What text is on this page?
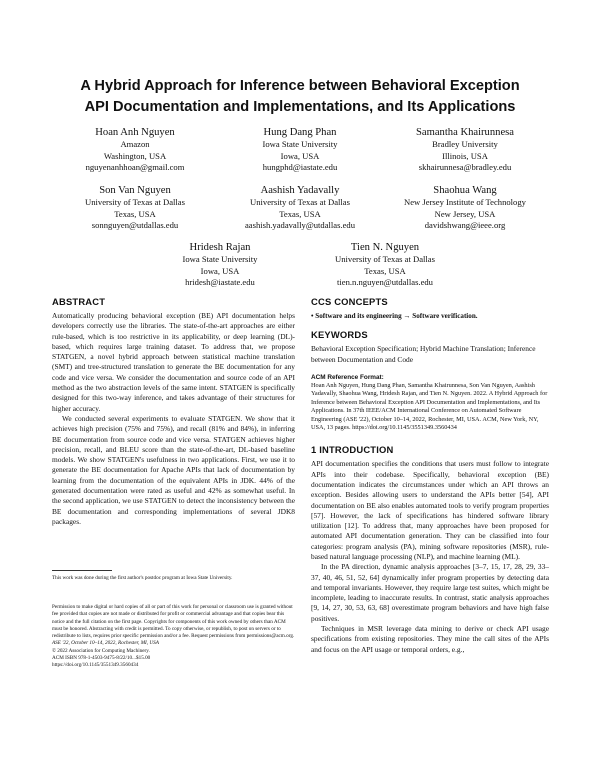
A Hybrid Approach for Inference between Behavioral Exception
API Documentation and Implementations, and Its Applications
Hoan Anh Nguyen
Amazon
Washington, USA
nguyenanhhoan@gmail.com
Hung Dang Phan
Iowa State University
Iowa, USA
hungphd@iastate.edu
Samantha Khairunnesa
Bradley University
Illinois, USA
skhairunnesa@bradley.edu
Son Van Nguyen
University of Texas at Dallas
Texas, USA
sonnguyen@utdallas.edu
Aashish Yadavally
University of Texas at Dallas
Texas, USA
aashish.yadavally@utdallas.edu
Shaohua Wang
New Jersey Institute of Technology
New Jersey, USA
davidshwang@ieee.org
Hridesh Rajan
Iowa State University
Iowa, USA
hridesh@iastate.edu
Tien N. Nguyen
University of Texas at Dallas
Texas, USA
tien.n.nguyen@utdallas.edu
ABSTRACT

Automatically producing behavioral exception (BE) API documentation helps developers correctly use the libraries. The state-of-the-art approaches are either rule-based, which is too restrictive in its applicability, or deep learning (DL)-based, which requires large training dataset. To address that, we propose STATGEN, a novel hybrid approach between statistical machine translation (SMT) and tree-structured translation to generate the BE documentation for any code and vice versa. We consider the documentation and source code of an API method as the two abstraction levels of the same intent. STATGEN is specifically designed for this two-way inference, and takes advantage of their structures for higher accuracy.

We conducted several experiments to evaluate STATGEN. We show that it achieves high precision (75% and 75%), and recall (81% and 84%), in inferring BE documentation from source code and vice versa. STATGEN achieves higher precision, recall, and BLEU score than the state-of-the-art, DL-based baseline models. We show STATGEN's usefulness in two applications. First, we use it to generate the BE documentation for Apache APIs that lack of documentation by learning from the documentation of the equivalent APIs in JDK. 44% of the generated documentation were rated as useful and 42% as somewhat useful. In the second application, we use STATGEN to detect the inconsistency between the BE documentation and corresponding implementations of several JDK8 packages.

This work was done during the first author's postdoc program at Iowa State University.
Permission to make digital or hard copies of all or part of this work for personal or classroom use is granted without fee provided that copies are not made or distributed for profit or commercial advantage and that copies bear this notice and the full citation on the first page. Copyrights for components of this work owned by others than ACM must be honored. Abstracting with credit is permitted. To copy otherwise, or republish, to post on servers or to redistribute to lists, requires prior specific permission and/or a fee. Request permissions from permissions@acm.org.
ASE '22, October 10–14, 2022, Rochester, MI, USA
© 2022 Association for Computing Machinery.
ACM ISBN 978-1-4503-9475-8/22/10...$15.00
https://doi.org/10.1145/3551349.3560434
CCS CONCEPTS

• Software and its engineering → Software verification.

KEYWORDS

Behavioral Exception Specification; Hybrid Machine Translation; Inference between Documentation and Code

ACM Reference Format:

Hoan Anh Nguyen, Hung Dang Phan, Samantha Khairunnesa, Son Van Nguyen, Aashish Yadavally, Shaohua Wang, Hridesh Rajan, and Tien N. Nguyen. 2022. A Hybrid Approach for Inference between Behavioral Exception API Documentation and Implementations, and Its Applications. In 37th IEEE/ACM International Conference on Automated Software Engineering (ASE '22), October 10–14, 2022, Rochester, MI, USA. ACM, New York, NY, USA, 13 pages. https://doi.org/10.1145/3551349.3560434

1 INTRODUCTION

API documentation specifies the conditions that users must follow to integrate APIs into their codebase. Specifically, behavioral exception (BE) documentation indicates the circumstances under which an API throws an exception. Besides allowing users to understand the APIs better [54], API documentation on BE also enables automated tools to verify program properties [57]. However, the lack of specifications has hindered software library utilization [12]. To address that, many approaches have been proposed for automated API documentation generation. They can be classified into four categories: program analysis (PA), mining software repositories (MSR), rule-based natural language processing (NLP), and machine learning (ML).

In the PA direction, dynamic analysis approaches [3–7, 15, 17, 28, 29, 33–37, 40, 46, 51, 52, 64] dynamically infer program properties by detecting data and temporal invariants. However, they require large test suites, which might be incomplete, leading to inaccurate results. In contrast, static analysis approaches [9, 14, 27, 30, 53, 63, 68] overestimate program behaviors and have high false positives.

Techniques in MSR leverage data mining to derive or check API usage specifications from existing repositories. They mine the call sites of the APIs and focus on the API usage or temporal orders, e.g.,
